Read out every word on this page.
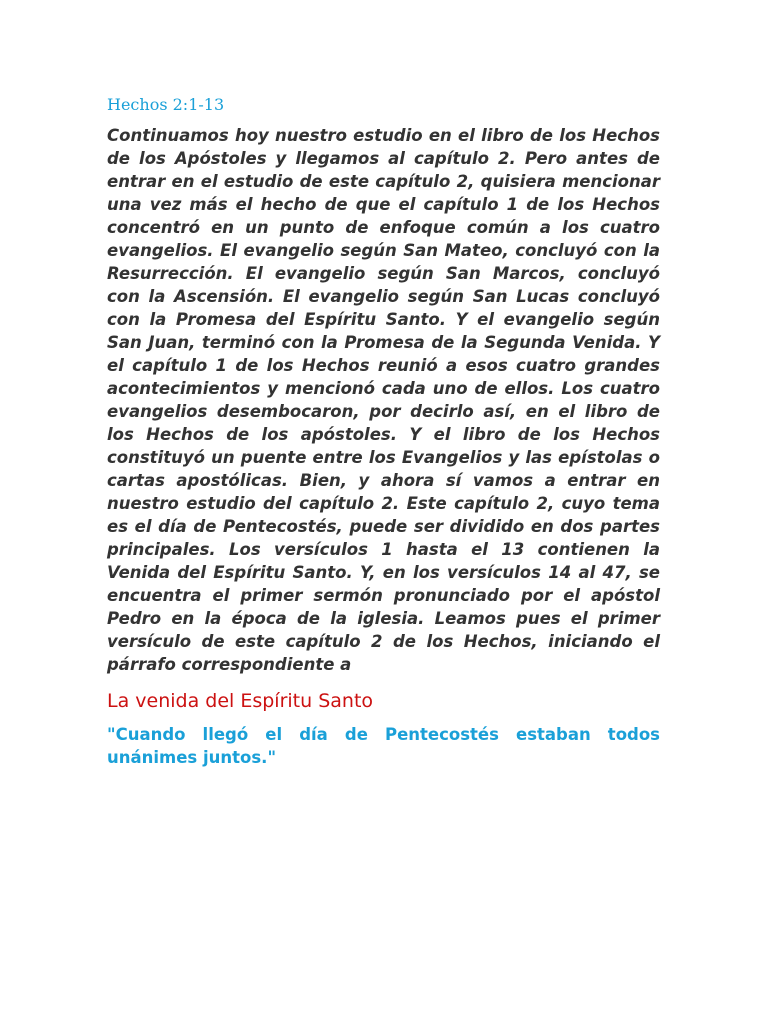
Hechos 2:1-13

Continuamos hoy nuestro estudio en el libro de los Hechos de los Apóstoles y llegamos al capítulo 2. Pero antes de entrar en el estudio de este capítulo 2, quisiera mencionar una vez más el hecho de que el capítulo 1 de los Hechos concentró en un punto de enfoque común a los cuatro evangelios. El evangelio según San Mateo, concluyó con la Resurrección. El evangelio según San Marcos, concluyó con la Ascensión. El evangelio según San Lucas concluyó con la Promesa del Espíritu Santo. Y el evangelio según San Juan, terminó con la Promesa de la Segunda Venida. Y el capítulo 1 de los Hechos reunió a esos cuatro grandes acontecimientos y mencionó cada uno de ellos. Los cuatro evangelios desembocaron, por decirlo así, en el libro de los Hechos de los apóstoles. Y el libro de los Hechos constituyó un puente entre los Evangelios y las epístolas o cartas apostólicas. Bien, y ahora sí vamos a entrar en nuestro estudio del capítulo 2. Este capítulo 2, cuyo tema es el día de Pentecostés, puede ser dividido en dos partes principales. Los versículos 1 hasta el 13 contienen la Venida del Espíritu Santo. Y, en los versículos 14 al 47, se encuentra el primer sermón pronunciado por el apóstol Pedro en la época de la iglesia. Leamos pues el primer versículo de este capítulo 2 de los Hechos, iniciando el párrafo correspondiente a

La venida del Espíritu Santo

"Cuando llegó el día de Pentecostés estaban todos unánimes juntos."
